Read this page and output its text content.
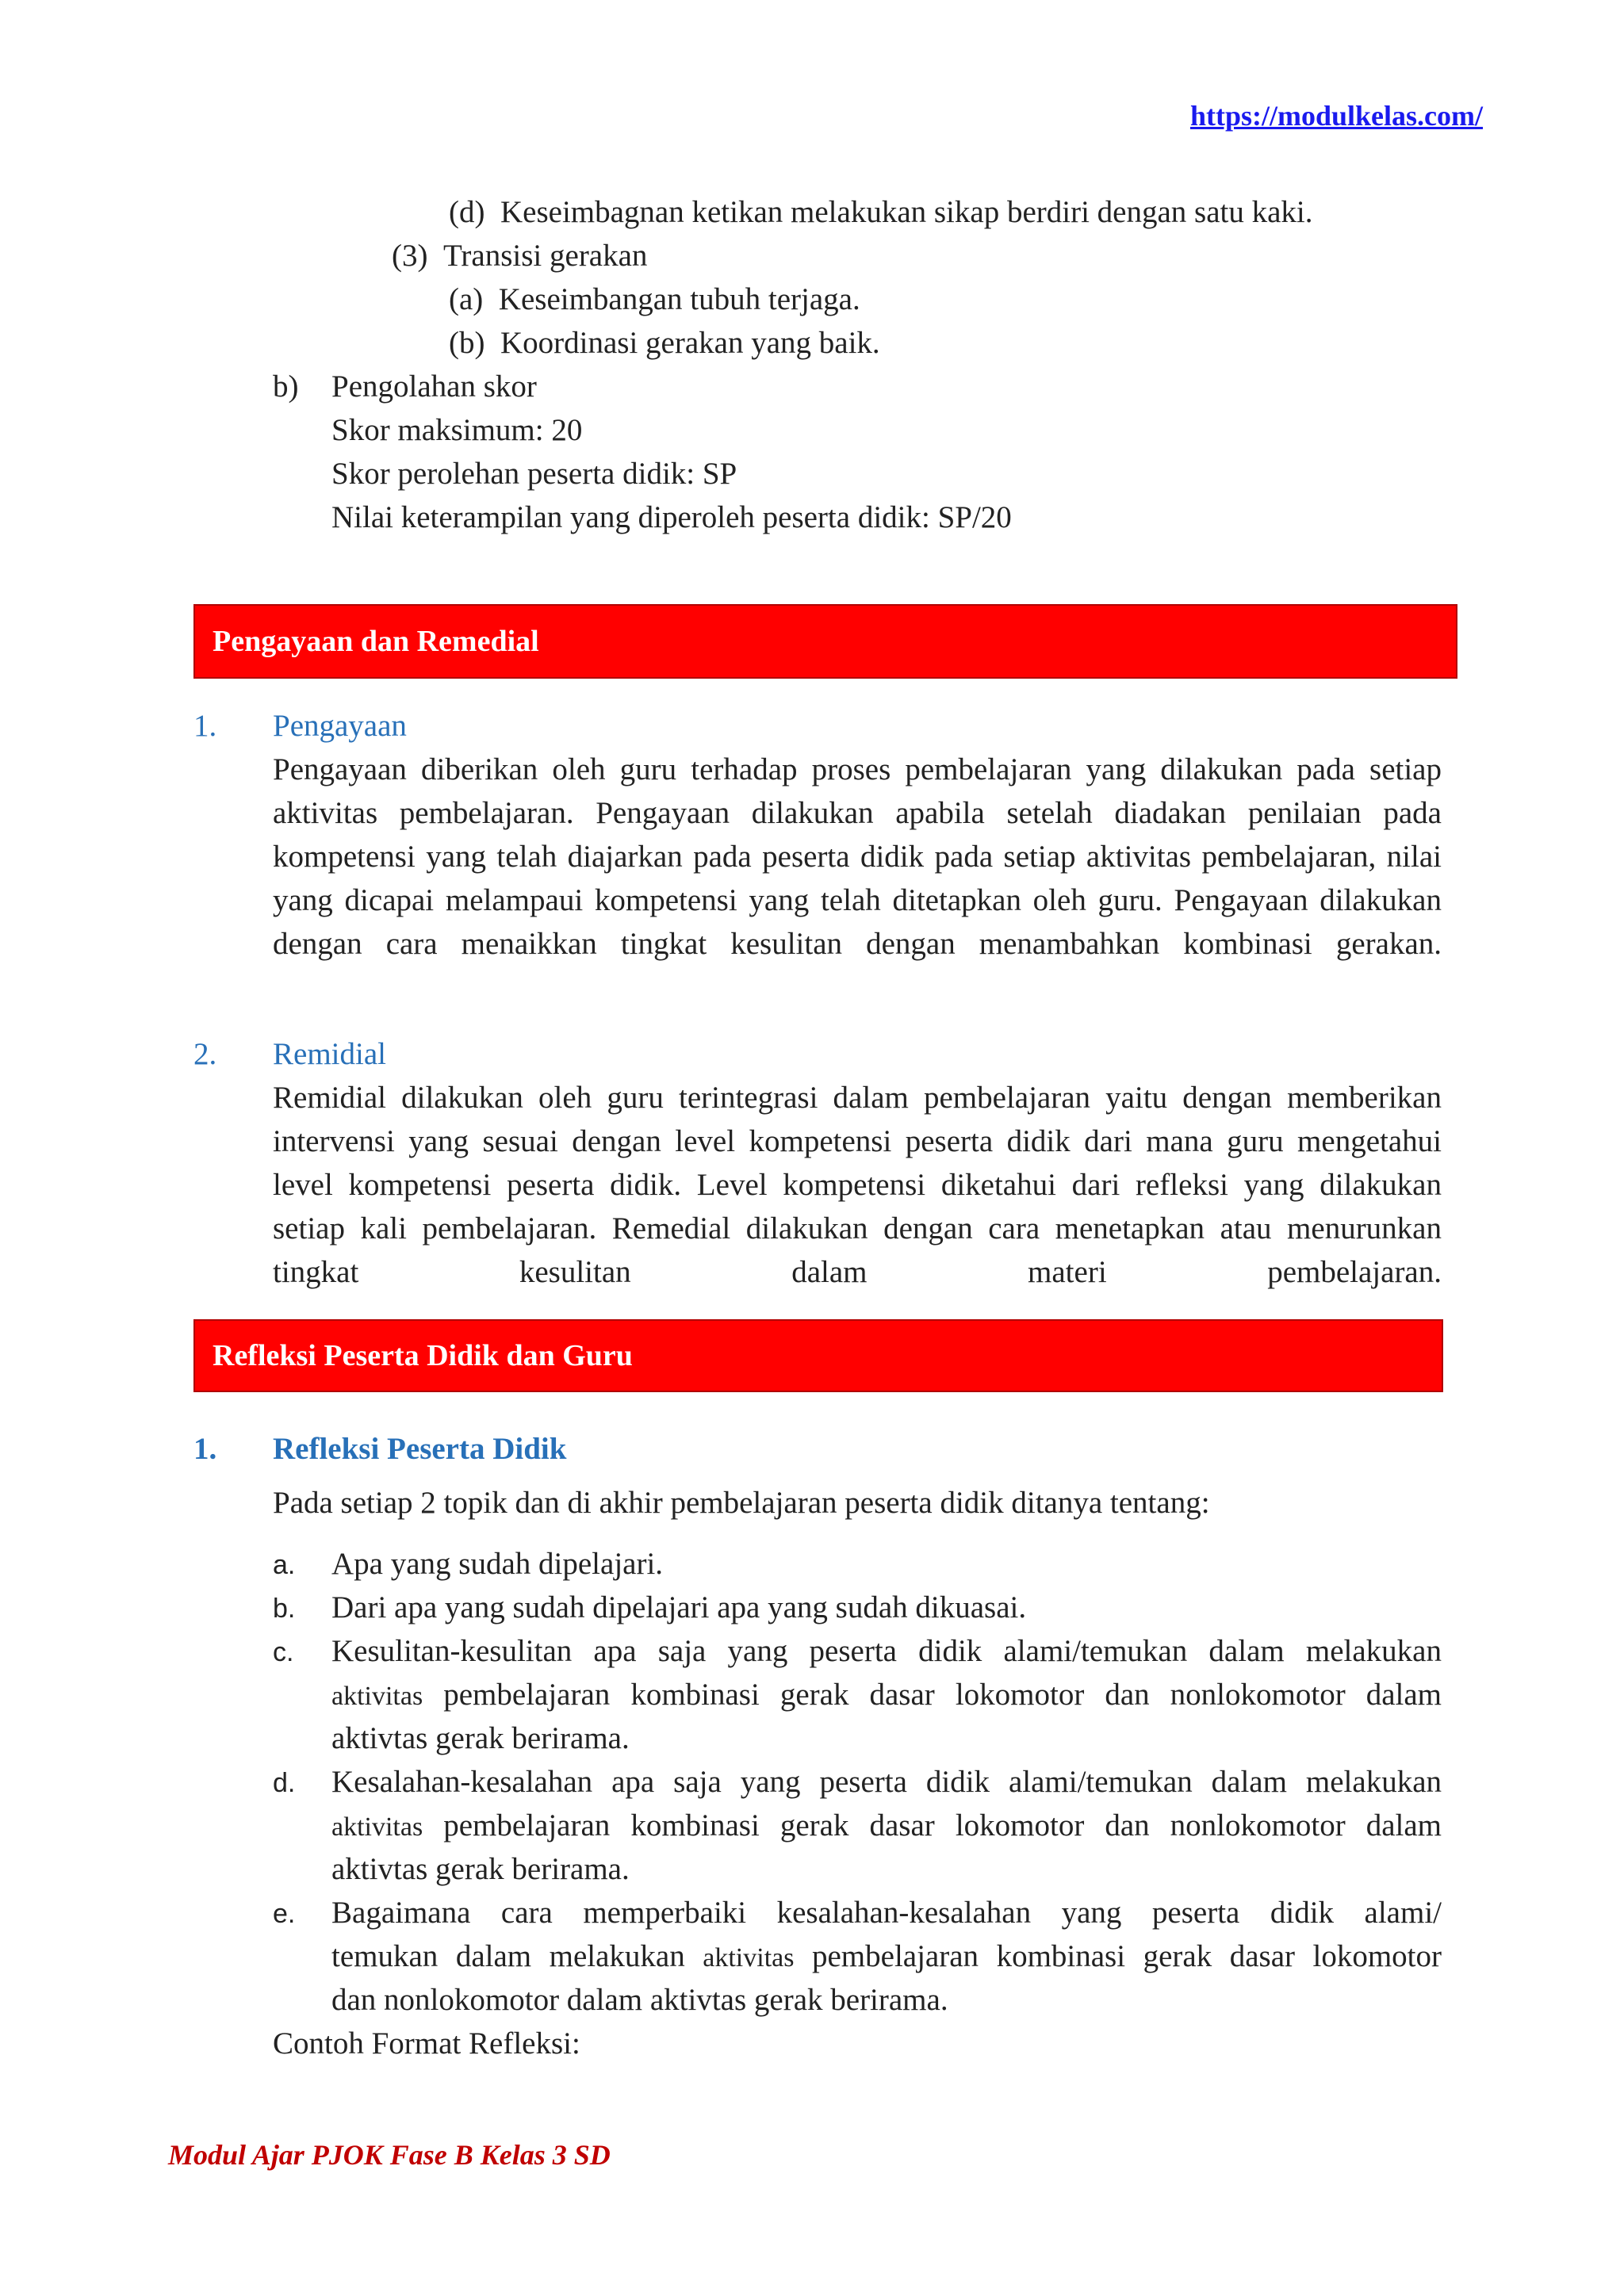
https://modulkelas.com/
(d) Keseimbagnan ketikan melakukan sikap berdiri dengan satu kaki.
(3) Transisi gerakan
(a) Keseimbangan tubuh terjaga.
(b) Koordinasi gerakan yang baik.
b) Pengolahan skor
Skor maksimum: 20
Skor perolehan peserta didik: SP
Nilai keterampilan yang diperoleh peserta didik: SP/20
Pengayaan dan Remedial
1. Pengayaan
Pengayaan diberikan oleh guru terhadap proses pembelajaran yang dilakukan pada setiap aktivitas pembelajaran. Pengayaan dilakukan apabila setelah diadakan penilaian pada kompetensi yang telah diajarkan pada peserta didik pada setiap aktivitas pembelajaran, nilai yang dicapai melampaui kompetensi yang telah ditetapkan oleh guru. Pengayaan dilakukan dengan cara menaikkan tingkat kesulitan dengan menambahkan kombinasi gerakan.
2. Remidial
Remidial dilakukan oleh guru terintegrasi dalam pembelajaran yaitu dengan memberikan intervensi yang sesuai dengan level kompetensi peserta didik dari mana guru mengetahui level kompetensi peserta didik. Level kompetensi diketahui dari refleksi yang dilakukan setiap kali pembelajaran. Remedial dilakukan dengan cara menetapkan atau menurunkan tingkat kesulitan dalam materi pembelajaran.
Refleksi Peserta Didik dan Guru
1. Refleksi Peserta Didik
Pada setiap 2 topik dan di akhir pembelajaran peserta didik ditanya tentang:
a. Apa yang sudah dipelajari.
b. Dari apa yang sudah dipelajari apa yang sudah dikuasai.
c. Kesulitan-kesulitan apa saja yang peserta didik alami/temukan dalam melakukan
aktivitas pembelajaran kombinasi gerak dasar lokomotor dan nonlokomotor dalam
aktivtas gerak berirama.
d. Kesalahan-kesalahan apa saja yang peserta didik alami/temukan dalam melakukan
aktivitas pembelajaran kombinasi gerak dasar lokomotor dan nonlokomotor dalam
aktivtas gerak berirama.
e. Bagaimana cara memperbaiki kesalahan-kesalahan yang peserta didik alami/
temukan dalam melakukan aktivitas pembelajaran kombinasi gerak dasar lokomotor
dan nonlokomotor dalam aktivtas gerak berirama.
Contoh Format Refleksi:
Modul Ajar PJOK Fase B Kelas 3 SD
